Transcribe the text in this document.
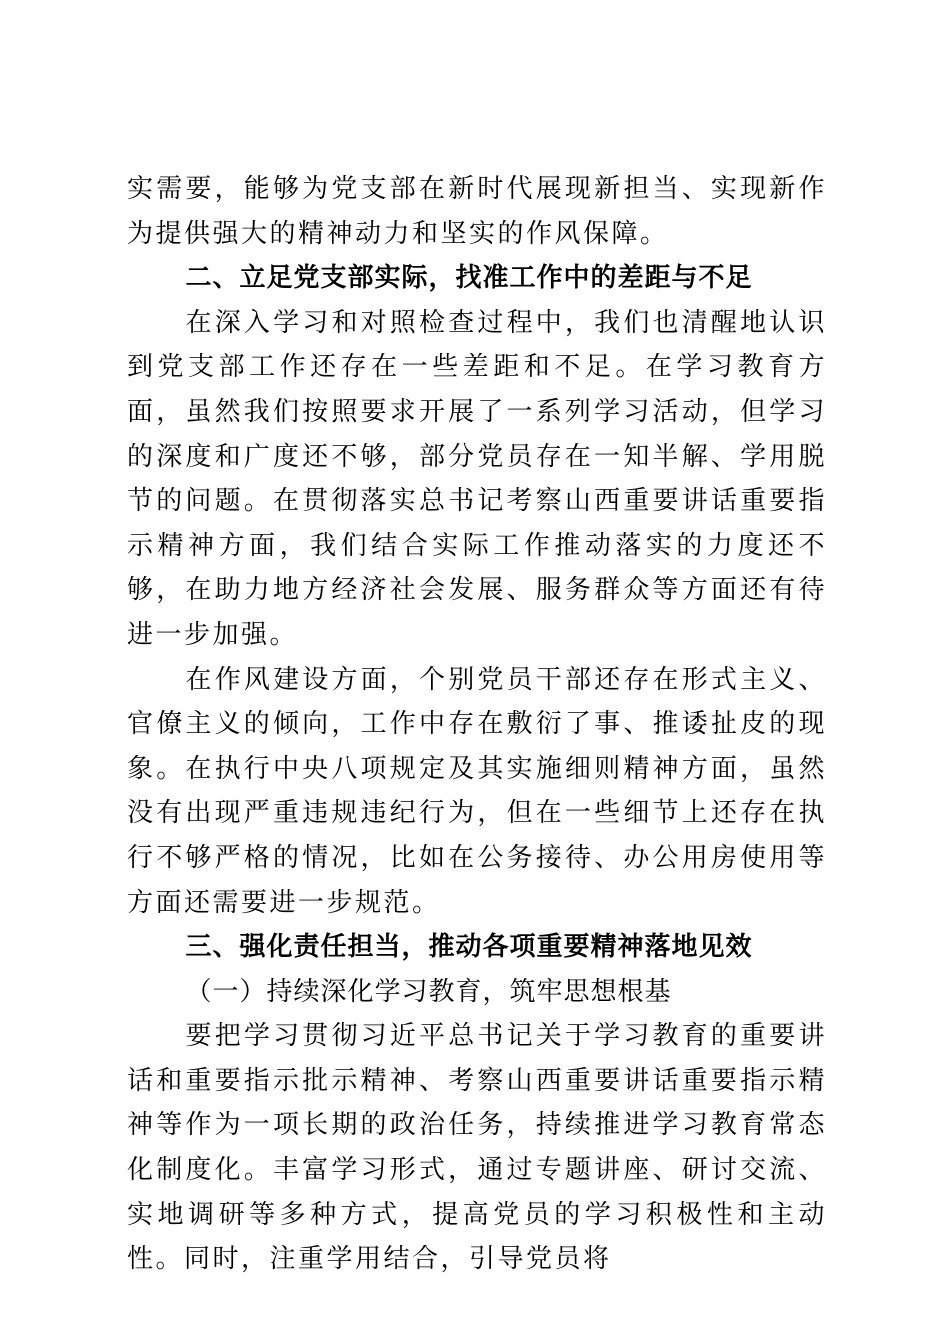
实需要，能够为党支部在新时代展现新担当、实现新作为提供强大的精神动力和坚实的作风保障。

二、立足党支部实际，找准工作中的差距与不足

在深入学习和对照检查过程中，我们也清醒地认识到党支部工作还存在一些差距和不足。在学习教育方面，虽然我们按照要求开展了一系列学习活动，但学习的深度和广度还不够，部分党员存在一知半解、学用脱节的问题。在贯彻落实总书记考察山西重要讲话重要指示精神方面，我们结合实际工作推动落实的力度还不够，在助力地方经济社会发展、服务群众等方面还有待进一步加强。

在作风建设方面，个别党员干部还存在形式主义、官僚主义的倾向，工作中存在敷衍了事、推诿扯皮的现象。在执行中央八项规定及其实施细则精神方面，虽然没有出现严重违规违纪行为，但在一些细节上还存在执行不够严格的情况，比如在公务接待、办公用房使用等方面还需要进一步规范。

三、强化责任担当，推动各项重要精神落地见效

（一）持续深化学习教育，筑牢思想根基

要把学习贯彻习近平总书记关于学习教育的重要讲话和重要指示批示精神、考察山西重要讲话重要指示精神等作为一项长期的政治任务，持续推进学习教育常态化制度化。丰富学习形式，通过专题讲座、研讨交流、实地调研等多种方式，提高党员的学习积极性和主动性。同时，注重学用结合，引导党员将
